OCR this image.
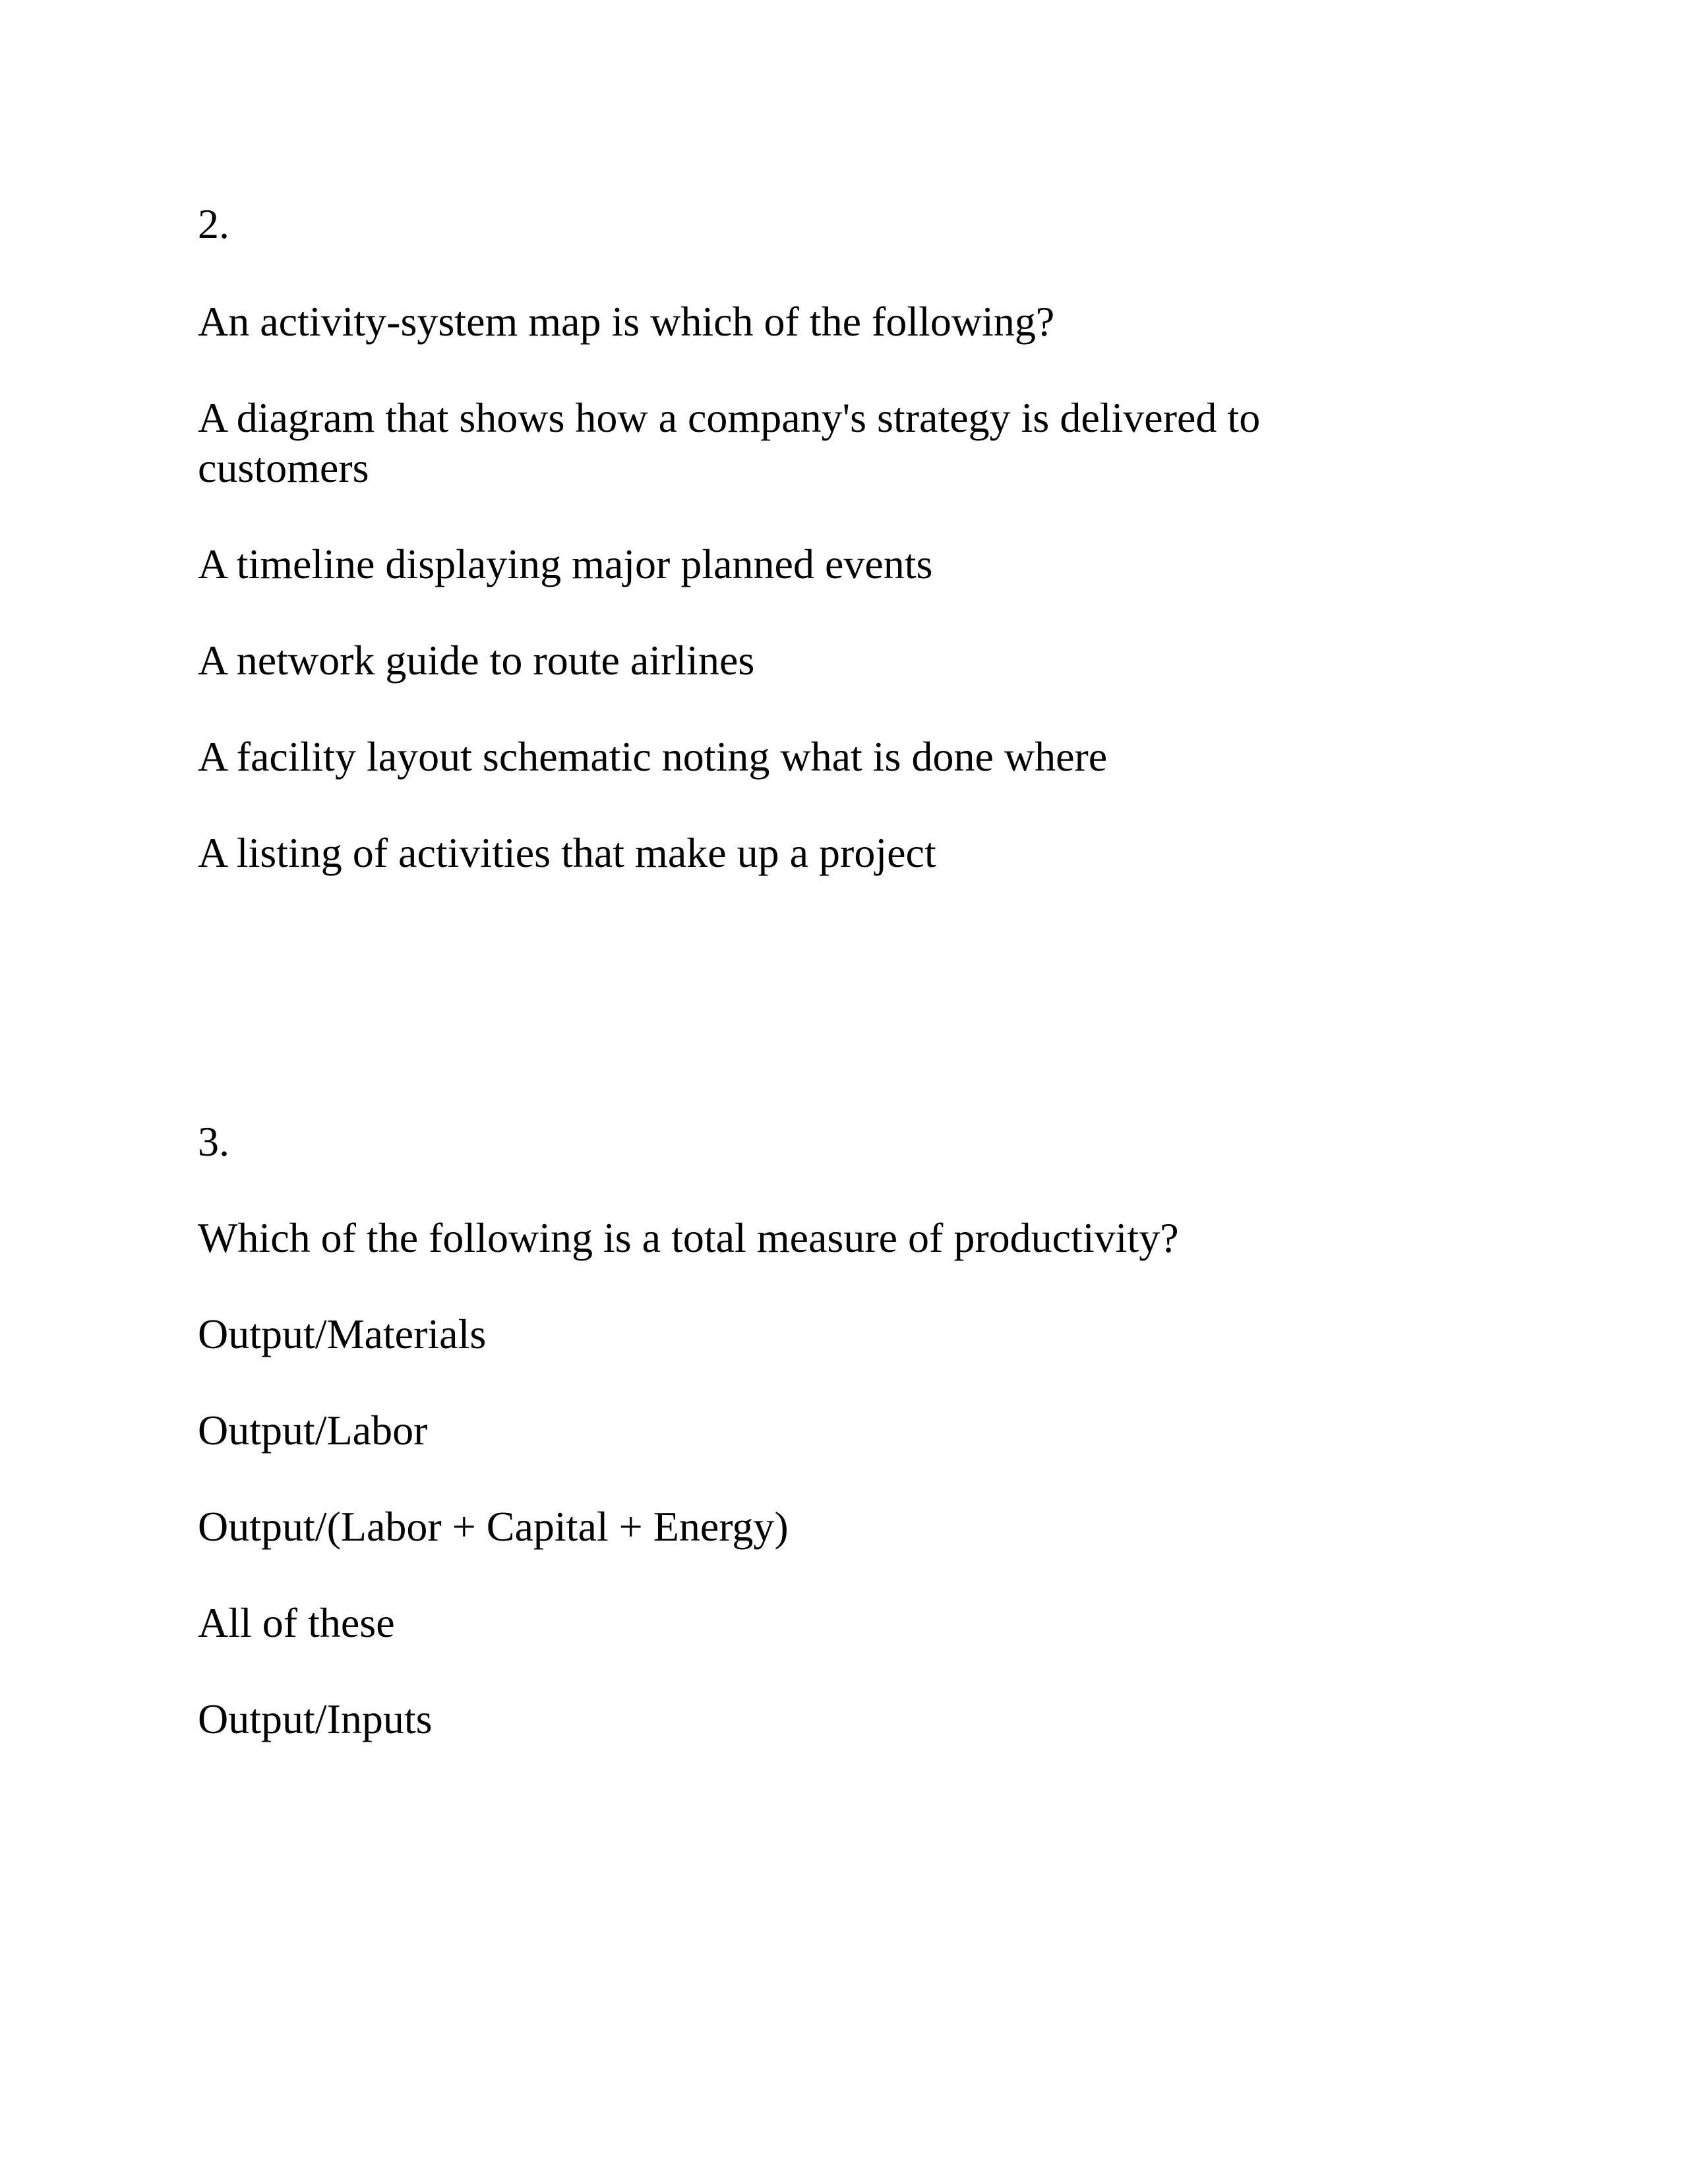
2.

An activity-system map is which of the following?

A diagram that shows how a company's strategy is delivered to customers

A timeline displaying major planned events

A network guide to route airlines

A facility layout schematic noting what is done where

A listing of activities that make up a project

3.

Which of the following is a total measure of productivity?

Output/Materials

Output/Labor

Output/(Labor + Capital + Energy)

All of these

Output/Inputs
